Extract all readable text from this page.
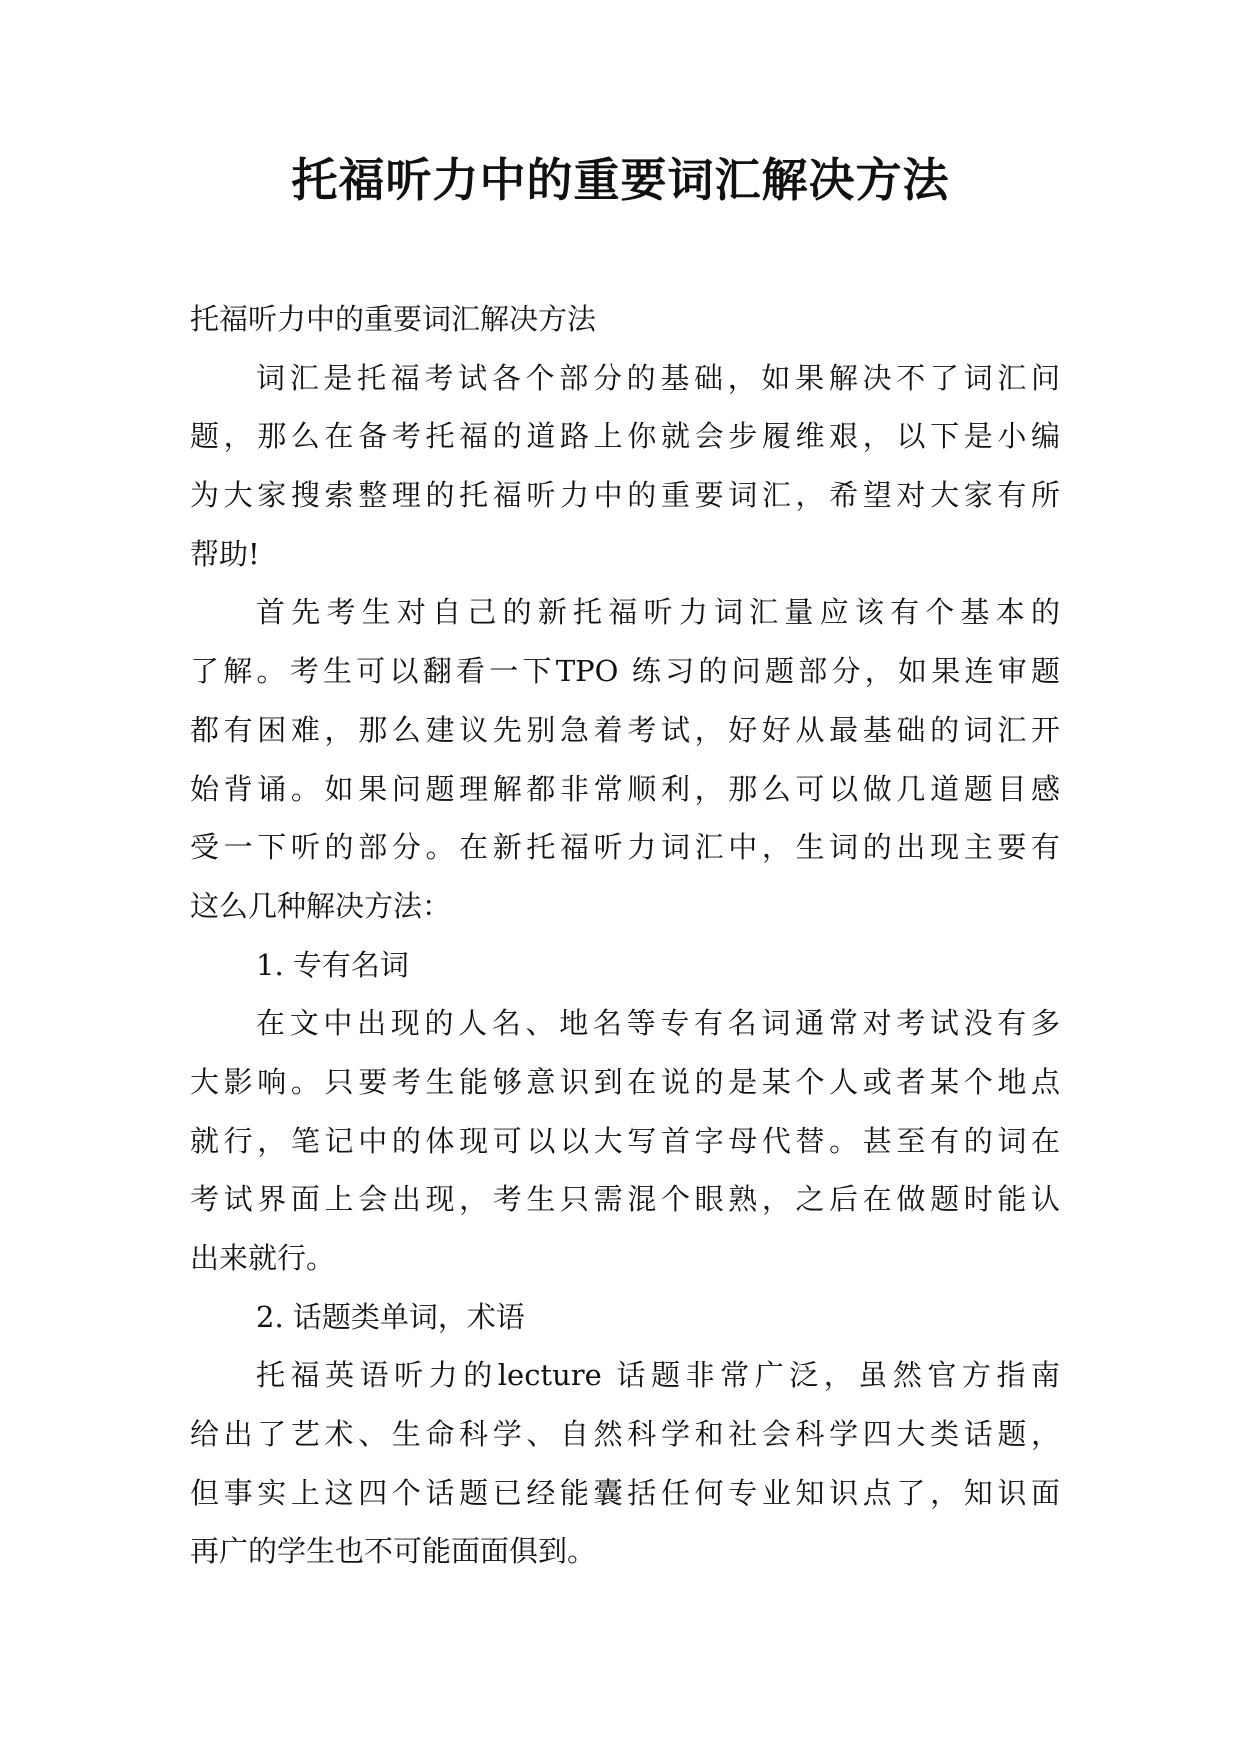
托福听力中的重要词汇解决方法

托福听力中的重要词汇解决方法

词汇是托福考试各个部分的基础，如果解决不了词汇问

题，那么在备考托福的道路上你就会步履维艰，以下是小编

为大家搜索整理的托福听力中的重要词汇，希望对大家有所

帮助!

首先考生对自己的新托福听力词汇量应该有个基本的

了解。考生可以翻看一下TPO 练习的问题部分，如果连审题

都有困难，那么建议先别急着考试，好好从最基础的词汇开

始背诵。如果问题理解都非常顺利，那么可以做几道题目感

受一下听的部分。在新托福听力词汇中，生词的出现主要有

这么几种解决方法：

1. 专有名词

在文中出现的人名、地名等专有名词通常对考试没有多

大影响。只要考生能够意识到在说的是某个人或者某个地点

就行，笔记中的体现可以以大写首字母代替。甚至有的词在

考试界面上会出现，考生只需混个眼熟，之后在做题时能认

出来就行。

2. 话题类单词，术语

托福英语听力的lecture 话题非常广泛，虽然官方指南

给出了艺术、生命科学、自然科学和社会科学四大类话题，

但事实上这四个话题已经能囊括任何专业知识点了，知识面

再广的学生也不可能面面俱到。
